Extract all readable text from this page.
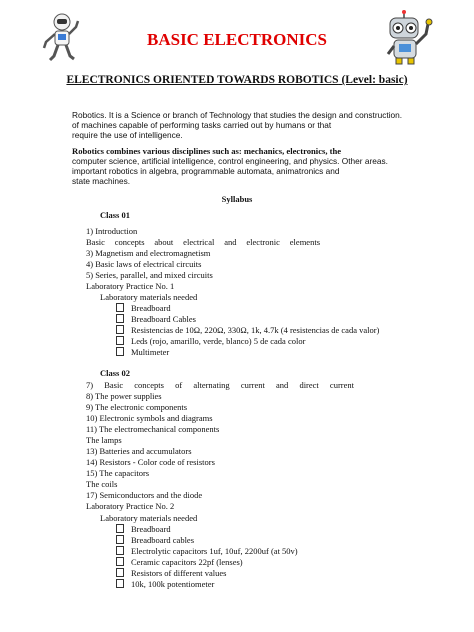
BASIC ELECTRONICS
ELECTRONICS ORIENTED TOWARDS ROBOTICS (Level: basic)
Robotics. It is a Science or branch of Technology that studies the design and construction.
of machines capable of performing tasks carried out by humans or that
require the use of intelligence.
Robotics combines various disciplines such as: mechanics, electronics, the
computer science, artificial intelligence, control engineering, and physics. Other areas.
important robotics in algebra, programmable automata, animatronics and
state machines.
Syllabus
Class 01
1) Introduction
Basic concepts about electrical and electronic elements
3) Magnetism and electromagnetism
4) Basic laws of electrical circuits
5) Series, parallel, and mixed circuits
Laboratory Practice No. 1
Laboratory materials needed
Breadboard
Breadboard Cables
Resistencias de 10Ω, 220Ω, 330Ω, 1k, 4.7k (4 resistencias de cada valor)
Leds (rojo, amarillo, verde, blanco) 5 de cada color
Multimeter
Class 02
7) Basic concepts of alternating current and direct current
8) The power supplies
9) The electronic components
10) Electronic symbols and diagrams
11) The electromechanical components
The lamps
13) Batteries and accumulators
14) Resistors - Color code of resistors
15) The capacitors
The coils
17) Semiconductors and the diode
Laboratory Practice No. 2
Laboratory materials needed
Breadboard
Breadboard cables
Electrolytic capacitors 1uf, 10uf, 2200uf (at 50v)
Ceramic capacitors 22pf (lenses)
Resistors of different values
10k, 100k potentiometer
